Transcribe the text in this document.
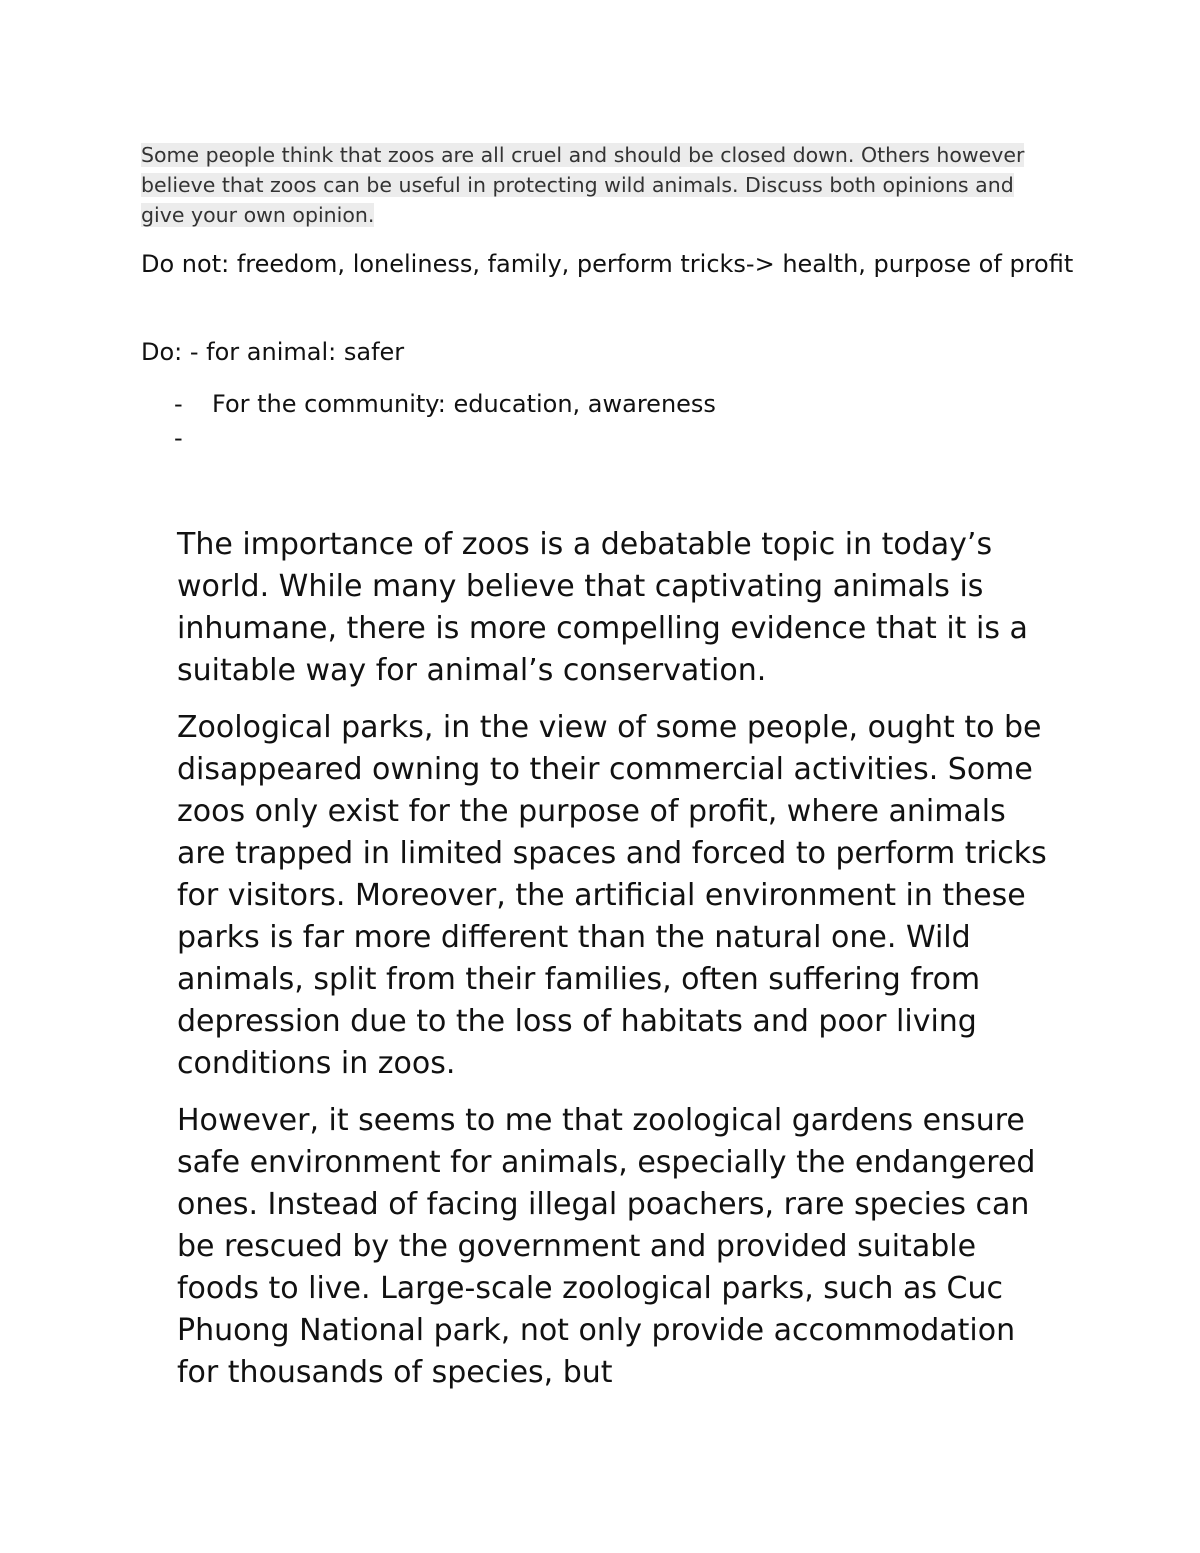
Some people think that zoos are all cruel and should be closed down. Others however believe that zoos can be useful in protecting wild animals. Discuss both opinions and give your own opinion.

Do not: freedom, loneliness, family, perform tricks-> health, purpose of profit

Do: - for animal: safer

- For the community: education, awareness
-

The importance of zoos is a debatable topic in today’s world. While many believe that captivating animals is inhumane, there is more compelling evidence that it is a suitable way for animal’s conservation.

Zoological parks, in the view of some people, ought to be disappeared owning to their commercial activities. Some zoos only exist for the purpose of profit, where animals are trapped in limited spaces and forced to perform tricks for visitors. Moreover, the artificial environment in these parks is far more different than the natural one. Wild animals, split from their families, often suffering from depression due to the loss of habitats and poor living conditions in zoos.

However, it seems to me that zoological gardens ensure safe environment for animals, especially the endangered ones. Instead of facing illegal poachers, rare species can be rescued by the government and provided suitable foods to live. Large-scale zoological parks, such as Cuc Phuong National park, not only provide accommodation for thousands of species, but
